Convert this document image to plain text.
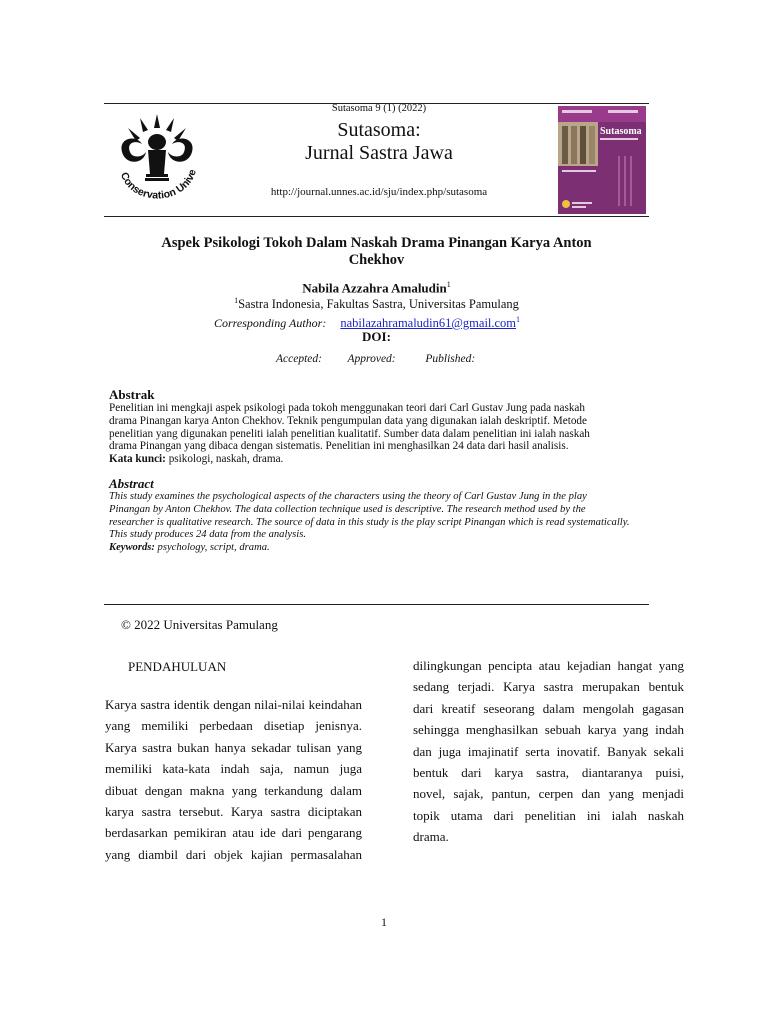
Conservation Unive
Sutasoma 9 (1) (2022)
Sutasoma:
Jurnal Sastra Jawa
http://journal.unnes.ac.id/sju/index.php/sutasoma
Sutasoma
Aspek Psikologi Tokoh Dalam Naskah Drama Pinangan Karya Anton
Chekhov
Nabila Azzahra Amaludin$^1$
$^1$Sastra Indonesia, Fakultas Sastra, Universitas Pamulang
Corresponding Author: nabilazahramaludin61@gmail.com$^1$
DOI:
Accepted: Approved:	Published:
Abstrak
Penelitian ini mengkaji aspek psikologi pada tokoh menggunakan teori dari Carl Gustav Jung pada naskah
drama Pinangan karya Anton Chekhov. Teknik pengumpulan data yang digunakan ialah deskriptif. Metode
penelitian yang digunakan peneliti ialah penelitian kualitatif. Sumber data dalam penelitian ini ialah naskah
drama Pinangan yang dibaca dengan sistematis. Penelitian ini menghasilkan 24 data dari hasil analisis.
Kata kunci: psikologi, naskah, drama.
Abstract
This study examines the psychological aspects of the characters using the theory of Carl Gustav Jung in the play
Pinangan by Anton Chekhov. The data collection technique used is descriptive. The research method used by the
researcher is qualitative research. The source of data in this study is the play script Pinangan which is read systematically.
This study produces 24 data from the analysis.
Keywords: psychology, script, drama.
© 2022 Universitas Pamulang
PENDAHULUAN
Karya sastra identik dengan nilai-nilai keindahan
yang memiliki perbedaan disetiap jenisnya.
Karya sastra bukan hanya sekadar tulisan yang
memiliki kata-kata indah saja, namun juga
dibuat dengan makna yang terkandung dalam
karya sastra tersebut. Karya sastra diciptakan
berdasarkan pemikiran atau ide dari pengarang
yang diambil dari objek kajian permasalahan
dilingkungan pencipta atau kejadian hangat yang
sedang terjadi. Karya sastra merupakan bentuk
dari kreatif seseorang dalam mengolah gagasan
sehingga menghasilkan sebuah karya yang indah
dan juga imajinatif serta inovatif. Banyak sekali
bentuk dari karya sastra, diantaranya puisi,
novel, sajak, pantun, cerpen dan yang menjadi
topik utama dari penelitian ini ialah naskah
drama.
1
